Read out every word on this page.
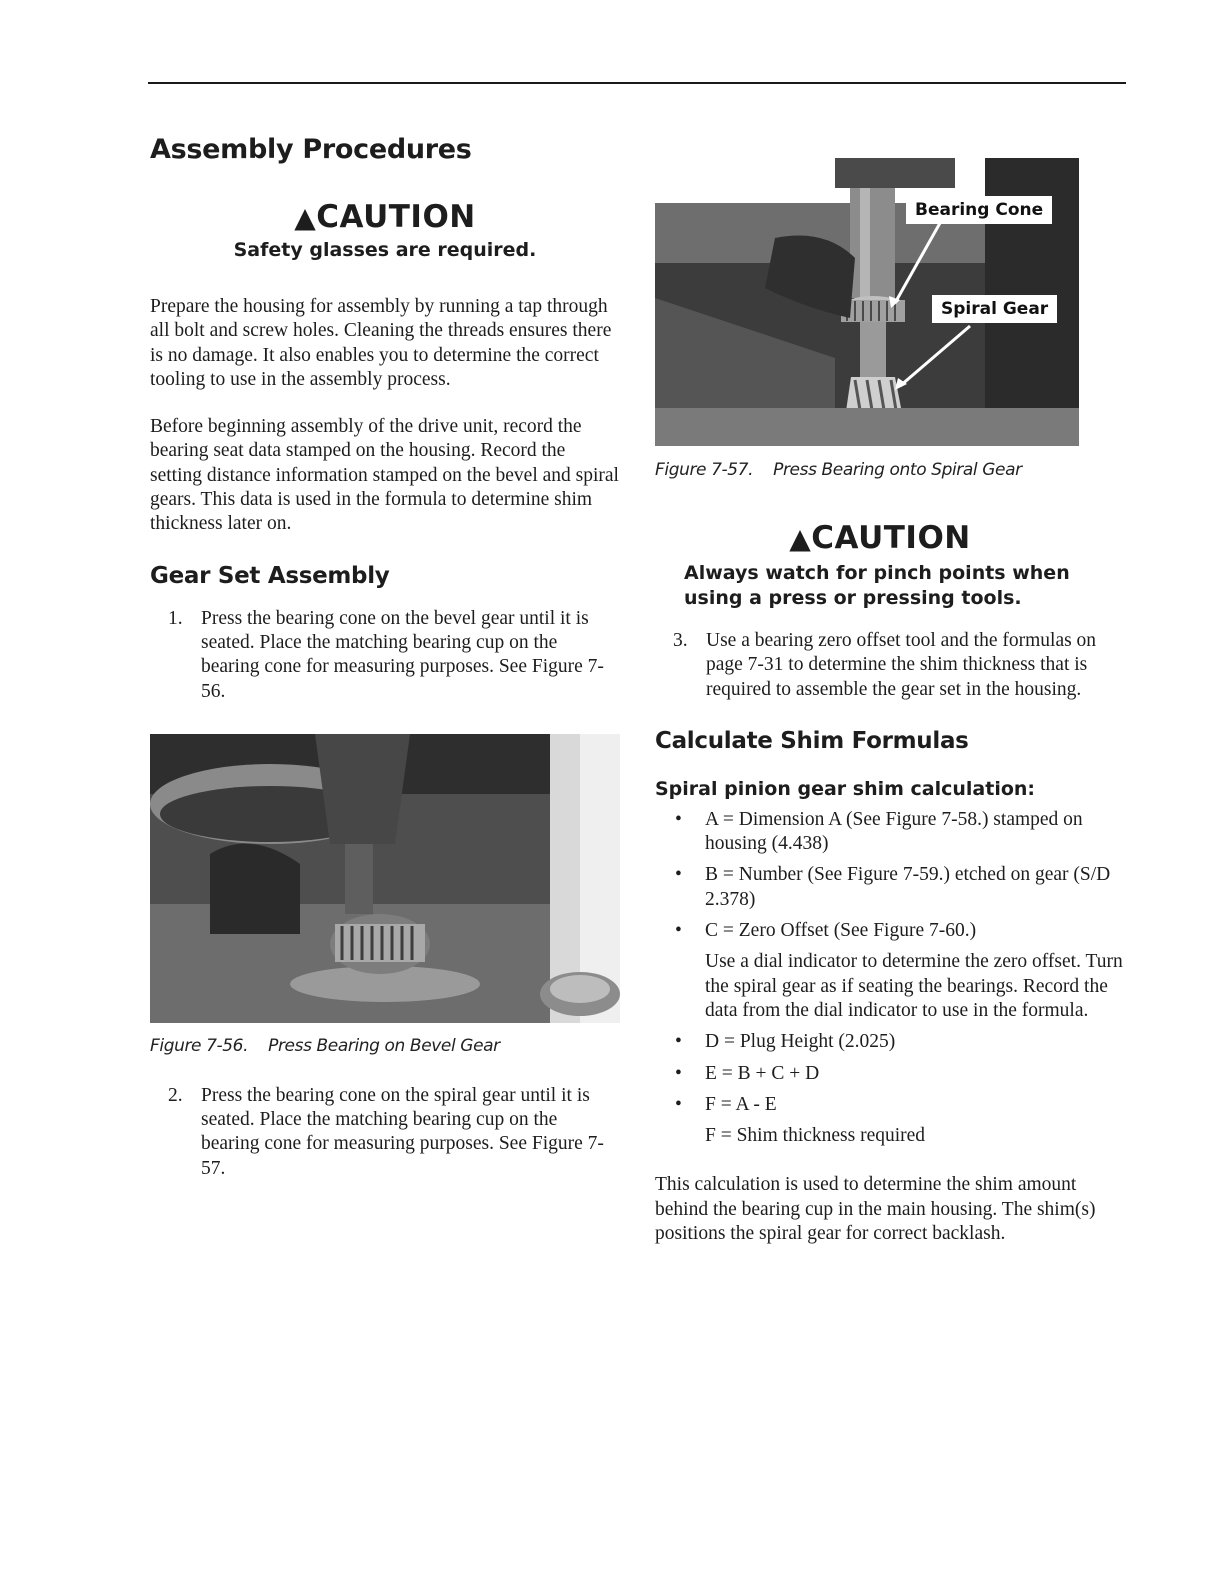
Assembly Procedures
▲CAUTION
Safety glasses are required.

Prepare the housing for assembly by running a tap through all bolt and screw holes. Cleaning the threads ensures there is no damage. It also enables you to determine the correct tooling to use in the assembly process.

Before beginning assembly of the drive unit, record the bearing seat data stamped on the housing. Record the setting distance information stamped on the bevel and spiral gears. This data is used in the formula to determine shim thickness later on.

Gear Set Assembly
1. Press the bearing cone on the bevel gear until it is seated. Place the matching bearing cup on the bearing cone for measuring purposes. See Figure 7-56.
Figure 7-56. Press Bearing on Bevel Gear
2. Press the bearing cone on the spiral gear until it is seated. Place the matching bearing cup on the bearing cone for measuring purposes. See Figure 7-57.
Bearing Cone
Spiral Gear
Figure 7-57. Press Bearing onto Spiral Gear
▲CAUTION
Always watch for pinch points when using a press or pressing tools.
3. Use a bearing zero offset tool and the formulas on page 7-31 to determine the shim thickness that is required to assemble the gear set in the housing.
Calculate Shim Formulas
Spiral pinion gear shim calculation:
• A = Dimension A (See Figure 7-58.) stamped on housing (4.438)
• B = Number (See Figure 7-59.) etched on gear (S/D 2.378)
• C = Zero Offset (See Figure 7-60.)
Use a dial indicator to determine the zero offset. Turn the spiral gear as if seating the bearings. Record the data from the dial indicator to use in the formula.
• D = Plug Height (2.025)
• E = B + C + D
• F = A - E
F = Shim thickness required

This calculation is used to determine the shim amount behind the bearing cup in the main housing. The shim(s) positions the spiral gear for correct backlash.
